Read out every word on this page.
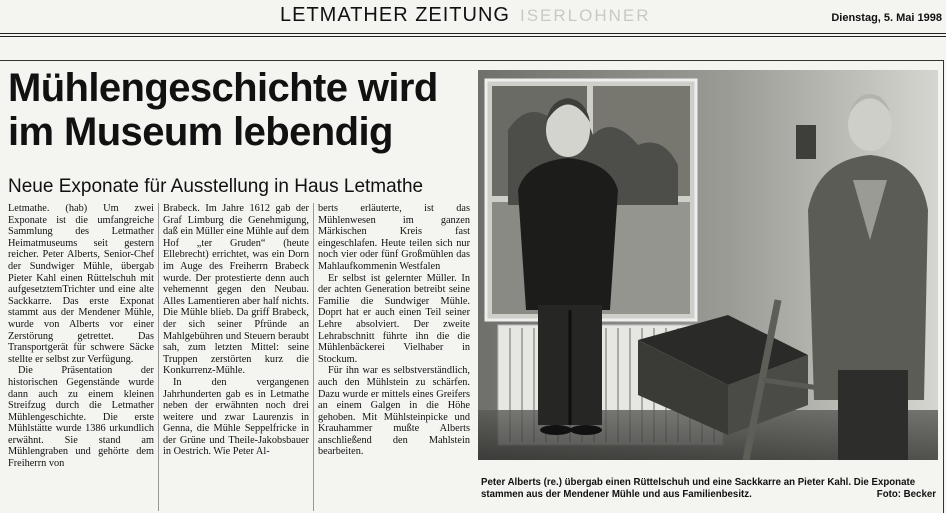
ISERLOHNER
LETMATHER ZEITUNG	Dienstag, 5. Mai 1998
Mühlengeschichte wird
im Museum lebendig
Neue Exponate für Ausstellung in Haus Letmathe

Letmathe. (hab) Um zwei Exponate ist die umfangreiche Sammlung des Letmather Heimatmuseums seit gestern reicher. Peter Alberts, Senior-Chef der Sundwiger Mühle, übergab Pieter Kahl einen Rüttelschuh mit aufgesetztemTrichter und eine alte Sackkarre. Das erste Exponat stammt aus der Mendener Mühle, wurde von Alberts vor einer Zerstörung getrettet. Das Transportgerät für schwere Säcke stellte er selbst zur Verfügung.

Die Präsentation der historischen Gegenstände wurde dann auch zu einem kleinen Streifzug durch die Letmather Mühlengeschichte. Die erste Mühlstätte wurde 1386 urkundlich erwähnt. Sie stand am Mühlengraben und gehörte dem Freiherrn von

Brabeck. Im Jahre 1612 gab der Graf Limburg die Genehmigung, daß ein Müller eine Mühle auf dem Hof „ter Gruden“ (heute Ellebrecht) errichtet, was ein Dorn im Auge des Freiherrn Brabeck wurde. Der protestierte denn auch vehemennt gegen den Neubau. Alles Lamentieren aber half nichts. Die Mühle blieb. Da griff Brabeck, der sich seiner Pfründe an Mahlgebühren und Steuern beraubt sah, zum letzten Mittel: seine Truppen zerstörten kurz die Konkurrenz-Mühle.

In den vergangenen Jahrhunderten gab es in Letmathe neben der erwähnten noch drei weitere und zwar Laurenzis in Genna, die Mühle Seppelfricke in der Grüne und Theile-Jakobsbauer in Oestrich. Wie Peter Al-

berts erläuterte, ist das Mühlenwesen im ganzen Märkischen Kreis fast eingeschlafen. Heute teilen sich nur noch vier oder fünf Großmühlen das Mahlaufkommenin Westfalen

Er selbst ist gelernter Müller. In der achten Generation betreibt seine Familie die Sundwiger Mühle. Doprt hat er auch einen Teil seiner Lehre absolviert. Der zweite Lehrabschnitt führte ihn die die Mühlenbäckerei Vielhaber in Stockum.

Für ihn war es selbstverständlich, auch den Mühlstein zu schärfen. Dazu wurde er mittels eines Greifers an einem Galgen in die Höhe gehoben. Mit Mühlsteinpicke und Krauhammer mußte Alberts anschließend den Mahlstein bearbeiten.

Peter Alberts (re.) übergab einen Rüttelschuh und eine Sackkarre an Pieter Kahl. Die Exponate stammen aus der Mendener Mühle und aus Familienbesitz.	Foto: Becker
